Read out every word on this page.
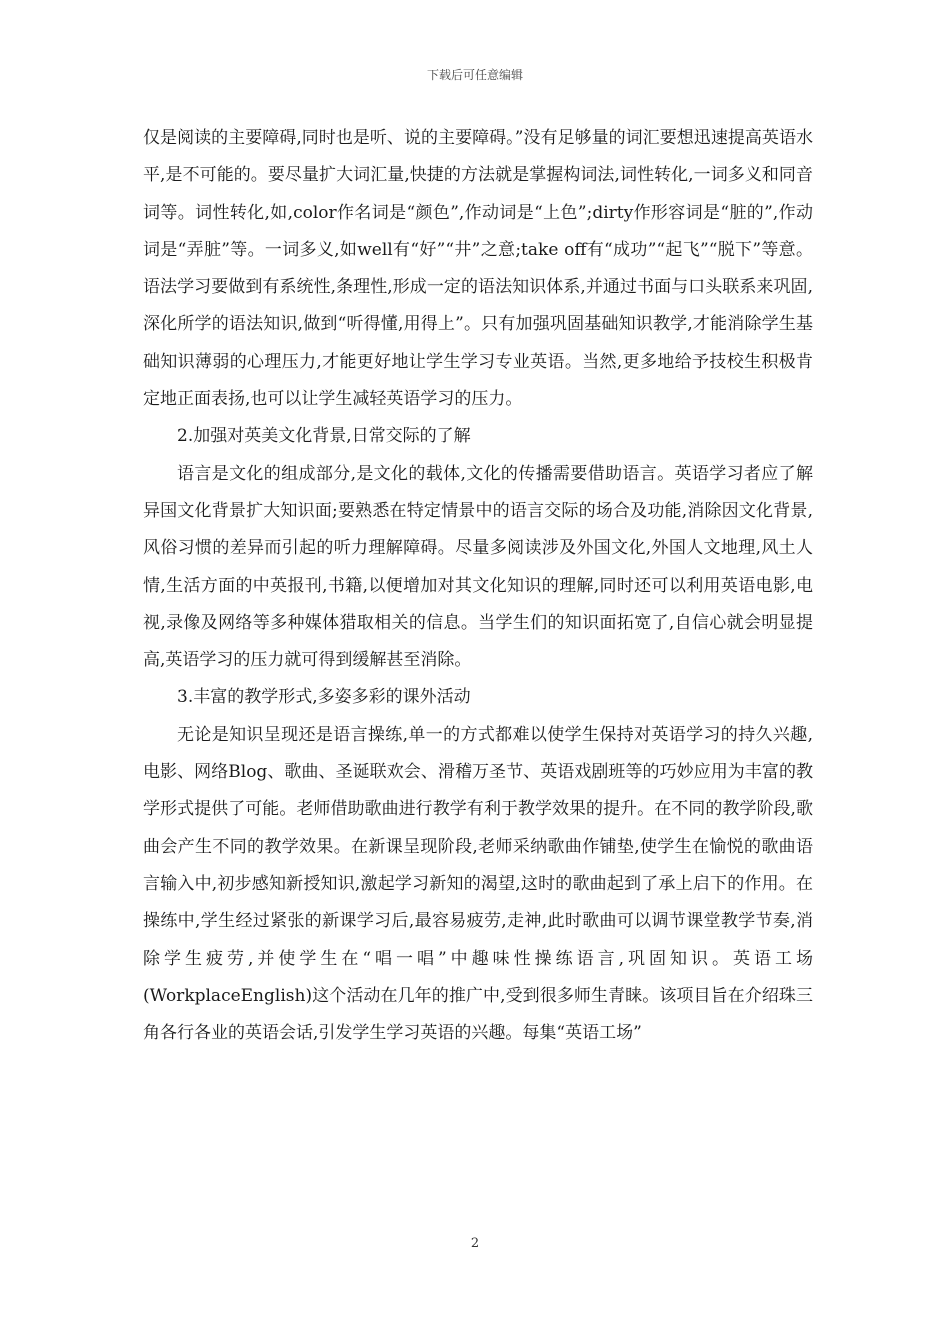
下载后可任意编辑

仅是阅读的主要障碍,同时也是听、说的主要障碍。”没有足够量的词汇要想迅速提高英语水平,是不可能的。要尽量扩大词汇量,快捷的方法就是掌握构词法,词性转化,一词多义和同音词等。词性转化,如,color作名词是“颜色”,作动词是“上色”;dirty作形容词是“脏的”,作动词是“弄脏”等。一词多义,如well有“好”“井”之意;take off有“成功”“起飞”“脱下”等意。语法学习要做到有系统性,条理性,形成一定的语法知识体系,并通过书面与口头联系来巩固,深化所学的语法知识,做到“听得懂,用得上”。只有加强巩固基础知识教学,才能消除学生基础知识薄弱的心理压力,才能更好地让学生学习专业英语。当然,更多地给予技校生积极肯定地正面表扬,也可以让学生减轻英语学习的压力。

2.加强对英美文化背景,日常交际的了解

语言是文化的组成部分,是文化的载体,文化的传播需要借助语言。英语学习者应了解异国文化背景扩大知识面;要熟悉在特定情景中的语言交际的场合及功能,消除因文化背景,风俗习惯的差异而引起的听力理解障碍。尽量多阅读涉及外国文化,外国人文地理,风土人情,生活方面的中英报刊,书籍,以便增加对其文化知识的理解,同时还可以利用英语电影,电视,录像及网络等多种媒体猎取相关的信息。当学生们的知识面拓宽了,自信心就会明显提高,英语学习的压力就可得到缓解甚至消除。

3.丰富的教学形式,多姿多彩的课外活动

无论是知识呈现还是语言操练,单一的方式都难以使学生保持对英语学习的持久兴趣,电影、网络Blog、歌曲、圣诞联欢会、滑稽万圣节、英语戏剧班等的巧妙应用为丰富的教学形式提供了可能。老师借助歌曲进行教学有利于教学效果的提升。在不同的教学阶段,歌曲会产生不同的教学效果。在新课呈现阶段,老师采纳歌曲作铺垫,使学生在愉悦的歌曲语言输入中,初步感知新授知识,激起学习新知的渴望,这时的歌曲起到了承上启下的作用。在操练中,学生经过紧张的新课学习后,最容易疲劳,走神,此时歌曲可以调节课堂教学节奏,消除学生疲劳,并使学生在“唱一唱”中趣味性操练语言,巩固知识。英语工场(WorkplaceEnglish)这个活动在几年的推广中,受到很多师生青睐。该项目旨在介绍珠三角各行各业的英语会话,引发学生学习英语的兴趣。每集“英语工场”

2
